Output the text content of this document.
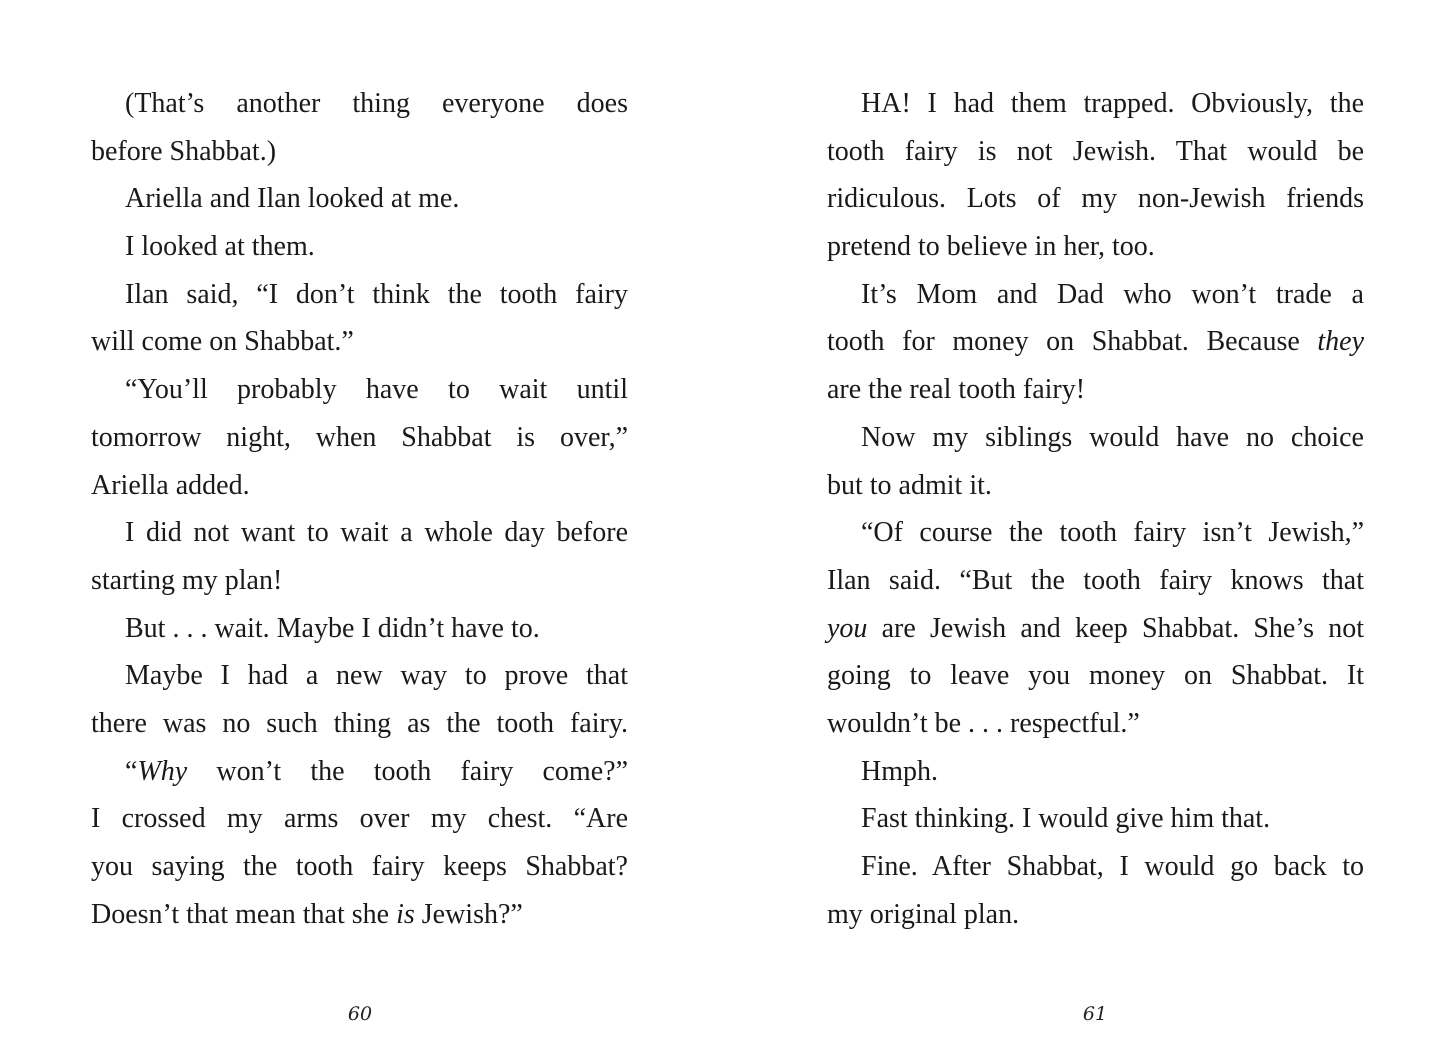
(That’s another thing everyone does
before Shabbat.)
Ariella and Ilan looked at me.
I looked at them.
Ilan said, “I don’t think the tooth fairy
will come on Shabbat.”
“You’ll probably have to wait until
tomorrow night, when Shabbat is over,”
Ariella added.
I did not want to wait a whole day before
starting my plan!
But . . . wait. Maybe I didn’t have to.
Maybe I had a new way to prove that
there was no such thing as the tooth fairy.
“Why won’t the tooth fairy come?”
I crossed my arms over my chest. “Are
you saying the tooth fairy keeps Shabbat?
Doesn’t that mean that she is Jewish?”
60
HA! I had them trapped. Obviously, the
tooth fairy is not Jewish. That would be
ridiculous. Lots of my non-Jewish friends
pretend to believe in her, too.
It’s Mom and Dad who won’t trade a
tooth for money on Shabbat. Because they
are the real tooth fairy!
Now my siblings would have no choice
but to admit it.
“Of course the tooth fairy isn’t Jewish,”
Ilan said. “But the tooth fairy knows that
you are Jewish and keep Shabbat. She’s not
going to leave you money on Shabbat. It
wouldn’t be . . . respectful.”
Hmph.
Fast thinking. I would give him that.
Fine. After Shabbat, I would go back to
my original plan.
61
